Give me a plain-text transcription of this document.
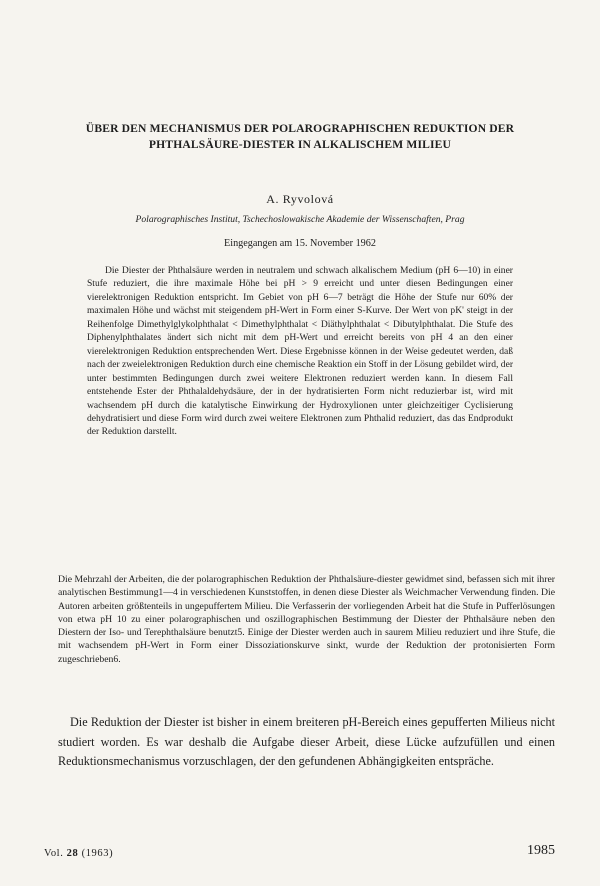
ÜBER DEN MECHANISMUS DER POLAROGRAPHISCHEN REDUKTION DER PHTHALSÄURE-DIESTER IN ALKALISCHEM MILIEU
A. Ryvolová
Polarographisches Institut, Tschechoslowakische Akademie der Wissenschaften, Prag
Eingegangen am 15. November 1962

Die Diester der Phthalsäure werden in neutralem und schwach alkalischem Medium (pH 6—10) in einer Stufe reduziert, die ihre maximale Höhe bei pH > 9 erreicht und unter diesen Bedingungen einer vierelektronigen Reduktion entspricht. Im Gebiet von pH 6—7 beträgt die Höhe der Stufe nur 60% der maximalen Höhe und wächst mit steigendem pH-Wert in Form einer S-Kurve. Der Wert von pK' steigt in der Reihenfolge Dimethylglykolphthalat < Dimethylphthalat < Diäthylphthalat < Dibutylphthalat. Die Stufe des Diphenylphthalates ändert sich nicht mit dem pH-Wert und erreicht bereits von pH 4 an den einer vierelektronigen Reduktion entsprechenden Wert. Diese Ergebnisse können in der Weise gedeutet werden, daß nach der zweielektronigen Reduktion durch eine chemische Reaktion ein Stoff in der Lösung gebildet wird, der unter bestimmten Bedingungen durch zwei weitere Elektronen reduziert werden kann. In diesem Fall entstehende Ester der Phthalaldehydsäure, der in der hydratisierten Form nicht reduzierbar ist, wird mit wachsendem pH durch die katalytische Einwirkung der Hydroxylionen unter gleichzeitiger Cyclisierung dehydratisiert und diese Form wird durch zwei weitere Elektronen zum Phthalid reduziert, das das Endprodukt der Reduktion darstellt.

Die Mehrzahl der Arbeiten, die der polarographischen Reduktion der Phthalsäure-diester gewidmet sind, befassen sich mit ihrer analytischen Bestimmung1—4 in verschiedenen Kunststoffen, in denen diese Diester als Weichmacher Verwendung finden. Die Autoren arbeiten größtenteils in ungepuffertem Milieu. Die Verfasserin der vorliegenden Arbeit hat die Stufe in Pufferlösungen von etwa pH 10 zu einer polarographischen und oszillographischen Bestimmung der Diester der Phthalsäure neben den Diestern der Iso- und Terephthalsäure benutzt5. Einige der Diester werden auch in saurem Milieu reduziert und ihre Stufe, die mit wachsendem pH-Wert in Form einer Dissoziationskurve sinkt, wurde der Reduktion der protonisierten Form zugeschrieben6.

Die Reduktion der Diester ist bisher in einem breiteren pH-Bereich eines gepufferten Milieus nicht studiert worden. Es war deshalb die Aufgabe dieser Arbeit, diese Lücke aufzufüllen und einen Reduktionsmechanismus vorzuschlagen, der den gefundenen Abhängigkeiten entspräche.

Vol. 28 (1963)	1985
